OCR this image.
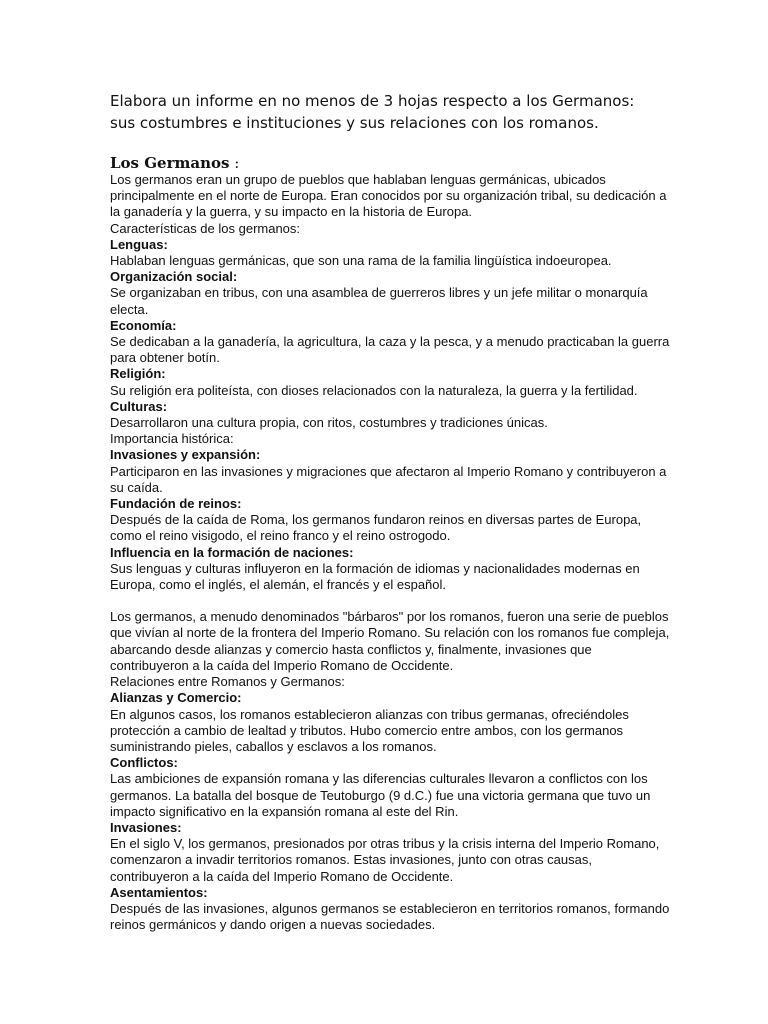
Elabora un informe en no menos de 3 hojas respecto a los Germanos:
sus costumbres e instituciones y sus relaciones con los romanos.
Los Germanos :
Los germanos eran un grupo de pueblos que hablaban lenguas germánicas, ubicados principalmente en el norte de Europa. Eran conocidos por su organización tribal, su dedicación a la ganadería y la guerra, y su impacto en la historia de Europa.
Características de los germanos:
Lenguas:
Hablaban lenguas germánicas, que son una rama de la familia lingüística indoeuropea.
Organización social:
Se organizaban en tribus, con una asamblea de guerreros libres y un jefe militar o monarquía electa.
Economía:
Se dedicaban a la ganadería, la agricultura, la caza y la pesca, y a menudo practicaban la guerra para obtener botín.
Religión:
Su religión era politeísta, con dioses relacionados con la naturaleza, la guerra y la fertilidad.
Culturas:
Desarrollaron una cultura propia, con ritos, costumbres y tradiciones únicas.
Importancia histórica:
Invasiones y expansión:
Participaron en las invasiones y migraciones que afectaron al Imperio Romano y contribuyeron a su caída.
Fundación de reinos:
Después de la caída de Roma, los germanos fundaron reinos en diversas partes de Europa, como el reino visigodo, el reino franco y el reino ostrogodo.
Influencia en la formación de naciones:
Sus lenguas y culturas influyeron en la formación de idiomas y nacionalidades modernas en Europa, como el inglés, el alemán, el francés y el español.
Los germanos, a menudo denominados "bárbaros" por los romanos, fueron una serie de pueblos que vivían al norte de la frontera del Imperio Romano. Su relación con los romanos fue compleja, abarcando desde alianzas y comercio hasta conflictos y, finalmente, invasiones que contribuyeron a la caída del Imperio Romano de Occidente.
Relaciones entre Romanos y Germanos:
Alianzas y Comercio:
En algunos casos, los romanos establecieron alianzas con tribus germanas, ofreciéndoles protección a cambio de lealtad y tributos. Hubo comercio entre ambos, con los germanos suministrando pieles, caballos y esclavos a los romanos.
Conflictos:
Las ambiciones de expansión romana y las diferencias culturales llevaron a conflictos con los germanos. La batalla del bosque de Teutoburgo (9 d.C.) fue una victoria germana que tuvo un impacto significativo en la expansión romana al este del Rin.
Invasiones:
En el siglo V, los germanos, presionados por otras tribus y la crisis interna del Imperio Romano, comenzaron a invadir territorios romanos. Estas invasiones, junto con otras causas, contribuyeron a la caída del Imperio Romano de Occidente.
Asentamientos:
Después de las invasiones, algunos germanos se establecieron en territorios romanos, formando reinos germánicos y dando origen a nuevas sociedades.
